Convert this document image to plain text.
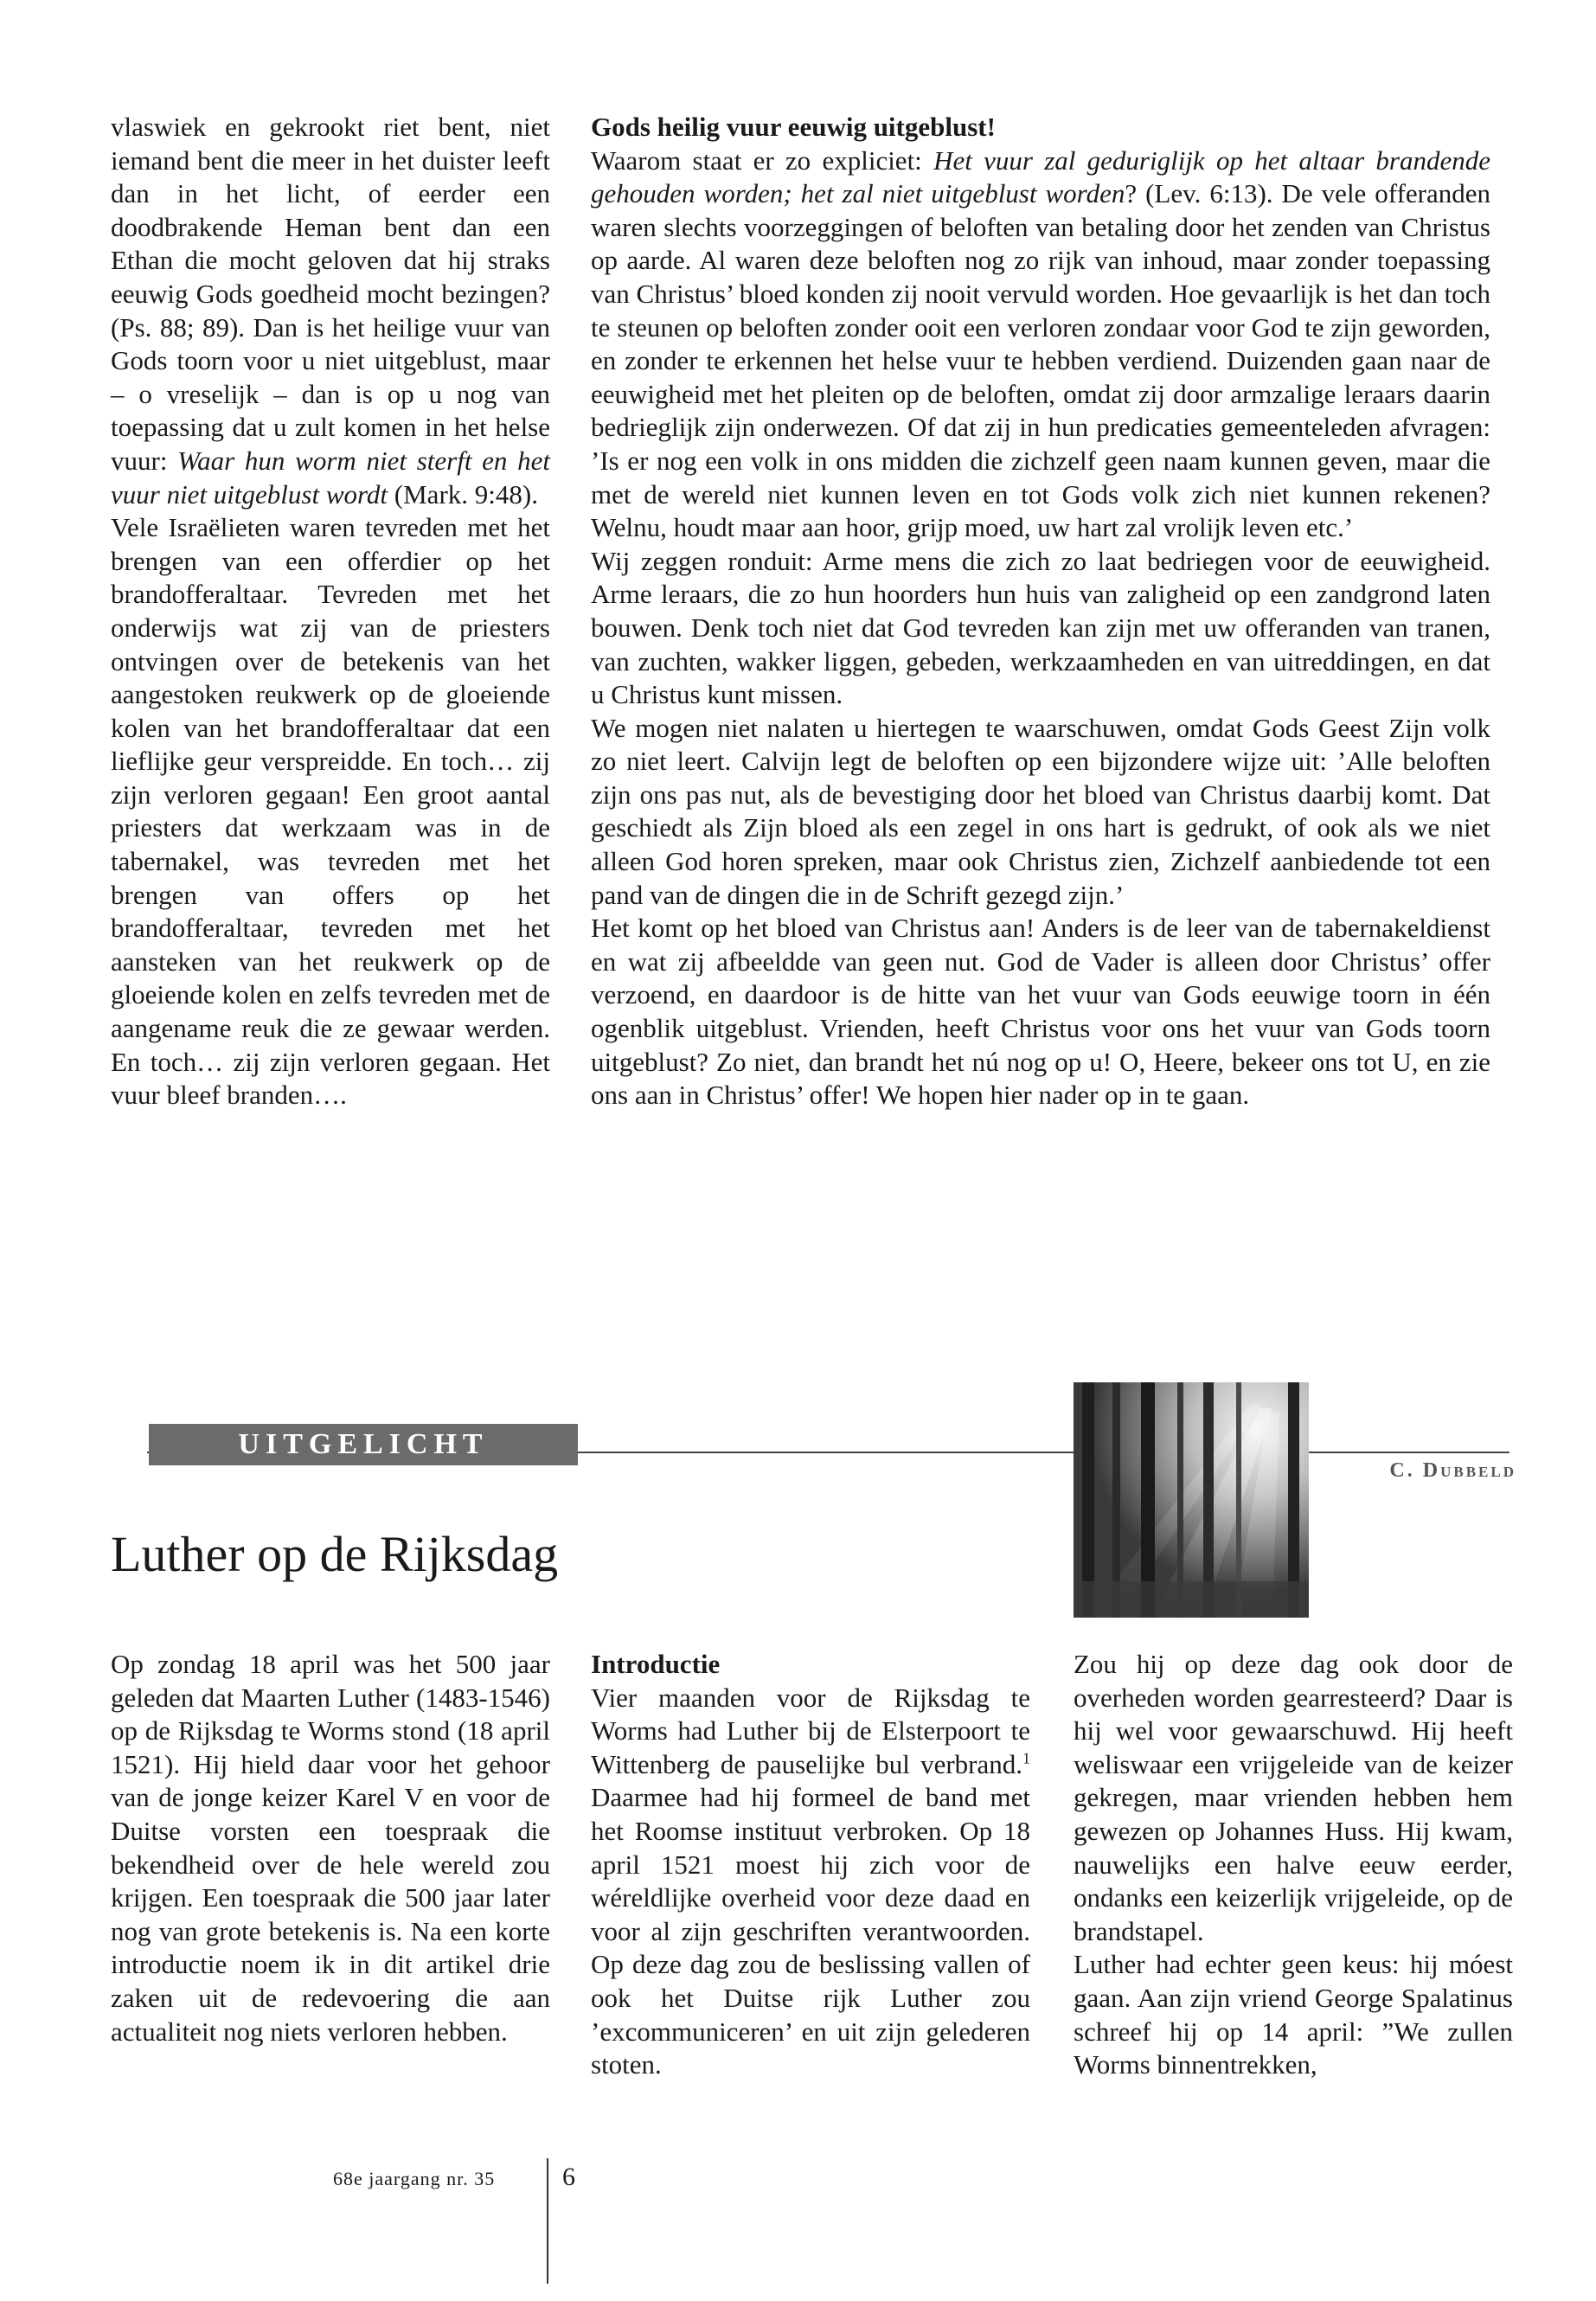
vlaswiek en gekrookt riet bent, niet iemand bent die meer in het duister leeft dan in het licht, of eerder een doodbrakende Heman bent dan een Ethan die mocht geloven dat hij straks eeuwig Gods goedheid mocht bezingen? (Ps. 88; 89). Dan is het heilige vuur van Gods toorn voor u niet uitgeblust, maar – o vreselijk – dan is op u nog van toepassing dat u zult komen in het helse vuur: Waar hun worm niet sterft en het vuur niet uitgeblust wordt (Mark. 9:48).

Vele Israëlieten waren tevreden met het brengen van een offerdier op het brandofferaltaar. Tevreden met het onderwijs wat zij van de priesters ontvingen over de betekenis van het aangestoken reukwerk op de gloeiende kolen van het brandofferaltaar dat een lieflijke geur verspreidde. En toch… zij zijn verloren gegaan! Een groot aantal priesters dat werkzaam was in de tabernakel, was tevreden met het brengen van offers op het brandofferaltaar, tevreden met het aansteken van het reukwerk op de gloeiende kolen en zelfs tevreden met de aangename reuk die ze gewaar werden. En toch… zij zijn verloren gegaan. Het vuur bleef branden….

Gods heilig vuur eeuwig uitgeblust!

Waarom staat er zo expliciet: Het vuur zal geduriglijk op het altaar brandende gehouden worden; het zal niet uitgeblust worden? (Lev. 6:13). De vele offeranden waren slechts voorzeggingen of beloften van betaling door het zenden van Christus op aarde. Al waren deze beloften nog zo rijk van inhoud, maar zonder toepassing van Christus’ bloed konden zij nooit vervuld worden. Hoe gevaarlijk is het dan toch te steunen op beloften zonder ooit een verloren zondaar voor God te zijn geworden, en zonder te erkennen het helse vuur te hebben verdiend. Duizenden gaan naar de eeuwigheid met het pleiten op de beloften, omdat zij door armzalige leraars daarin bedrieglijk zijn onderwezen. Of dat zij in hun predicaties gemeenteleden afvragen: ’Is er nog een volk in ons midden die zichzelf geen naam kunnen geven, maar die met de wereld niet kunnen leven en tot Gods volk zich niet kunnen rekenen? Welnu, houdt maar aan hoor, grijp moed, uw hart zal vrolijk leven etc.’

Wij zeggen ronduit: Arme mens die zich zo laat bedriegen voor de eeuwigheid. Arme leraars, die zo hun hoorders hun huis van zaligheid op een zandgrond laten bouwen. Denk toch niet dat God tevreden kan zijn met uw offeranden van tranen, van zuchten, wakker liggen, gebeden, werkzaamheden en van uitreddingen, en dat u Christus kunt missen.

We mogen niet nalaten u hiertegen te waarschuwen, omdat Gods Geest Zijn volk zo niet leert. Calvijn legt de beloften op een bijzondere wijze uit: ’Alle beloften zijn ons pas nut, als de bevestiging door het bloed van Christus daarbij komt. Dat geschiedt als Zijn bloed als een zegel in ons hart is gedrukt, of ook als we niet alleen God horen spreken, maar ook Christus zien, Zichzelf aanbiedende tot een pand van de dingen die in de Schrift gezegd zijn.’

Het komt op het bloed van Christus aan! Anders is de leer van de tabernakeldienst en wat zij afbeeldde van geen nut. God de Vader is alleen door Christus’ offer verzoend, en daardoor is de hitte van het vuur van Gods eeuwige toorn in één ogenblik uitgeblust. Vrienden, heeft Christus voor ons het vuur van Gods toorn uitgeblust? Zo niet, dan brandt het nú nog op u! O, Heere, bekeer ons tot U, en zie ons aan in Christus’ offer! We hopen hier nader op in te gaan.

UITGELICHT
C. Dubbeld
Luther op de Rijksdag

Op zondag 18 april was het 500 jaar geleden dat Maarten Luther (1483-1546) op de Rijksdag te Worms stond (18 april 1521). Hij hield daar voor het gehoor van de jonge keizer Karel V en voor de Duitse vorsten een toespraak die bekendheid over de hele wereld zou krijgen. Een toespraak die 500 jaar later nog van grote betekenis is. Na een korte introductie noem ik in dit artikel drie zaken uit de redevoering die aan actualiteit nog niets verloren hebben.

Introductie

Vier maanden voor de Rijksdag te Worms had Luther bij de Elsterpoort te Wittenberg de pauselijke bul verbrand.$^1$ Daarmee had hij formeel de band met het Roomse instituut verbroken. Op 18 april 1521 moest hij zich voor de wéreldlijke overheid voor deze daad en voor al zijn geschriften verantwoorden. Op deze dag zou de beslissing vallen of ook het Duitse rijk Luther zou ’excommuniceren’ en uit zijn gelederen stoten.

Zou hij op deze dag ook door de overheden worden gearresteerd? Daar is hij wel voor gewaarschuwd. Hij heeft weliswaar een vrijgeleide van de keizer gekregen, maar vrienden hebben hem gewezen op Johannes Huss. Hij kwam, nauwelijks een halve eeuw eerder, ondanks een keizerlijk vrijgeleide, op de brandstapel.

Luther had echter geen keus: hij móest gaan. Aan zijn vriend George Spalatinus schreef hij op 14 april: ”We zullen Worms binnentrekken,

68e jaargang nr. 35	6
